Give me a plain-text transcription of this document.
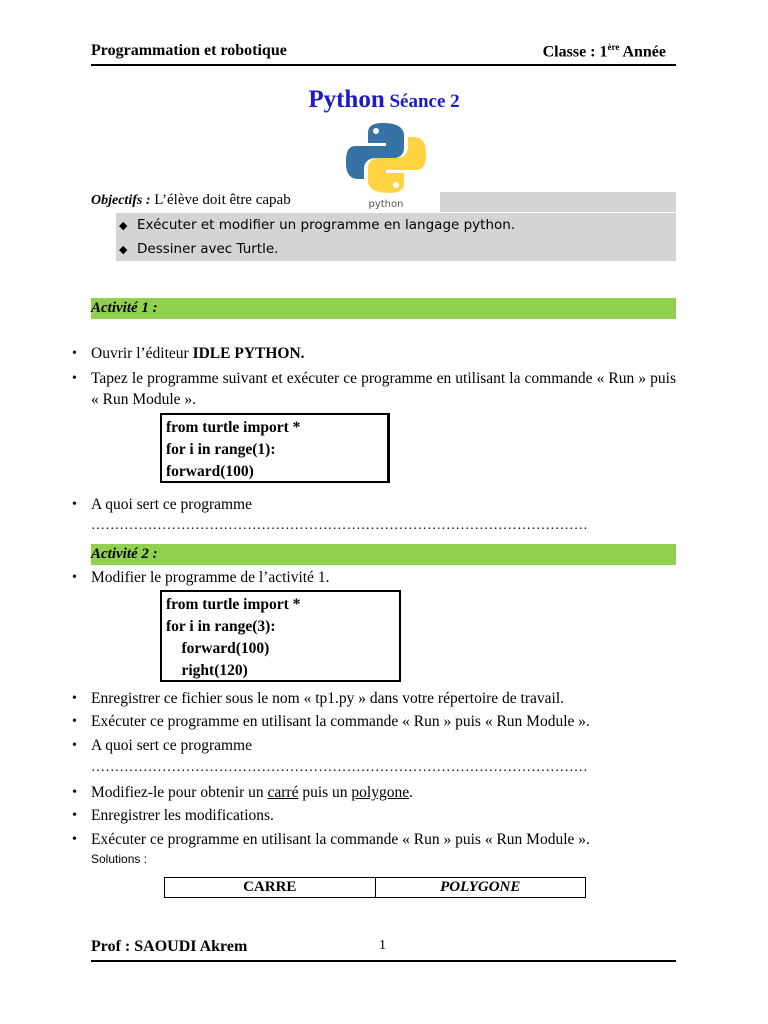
Programmation et robotique	Classe : 1ère Année
Python Séance 2
Objectifs : L’élève doit être capab
◆ Exécuter et modifier un programme en langage python.
◆ Dessiner avec Turtle.
python
Activité 1 :
• Ouvrir l’éditeur IDLE PYTHON.
• Tapez le programme suivant et exécuter ce programme en utilisant la commande « Run » puis « Run Module ».
from turtle import *
for i in range(1):
forward(100)
• A quoi sert ce programme
……………………………………………………………………………………………
Activité 2 :
• Modifier le programme de l’activité 1.
from turtle import *
for i in range(3):
forward(100)
right(120)
• Enregistrer ce fichier sous le nom « tp1.py » dans votre répertoire de travail.
• Exécuter ce programme en utilisant la commande « Run » puis « Run Module ».
• A quoi sert ce programme
……………………………………………………………………………………………
• Modifiez-le pour obtenir un carré puis un polygone.
• Enregistrer les modifications.
• Exécuter ce programme en utilisant la commande « Run » puis « Run Module ».
Solutions :
CARRE	POLYGONE
Prof : SAOUDI Akrem	1
